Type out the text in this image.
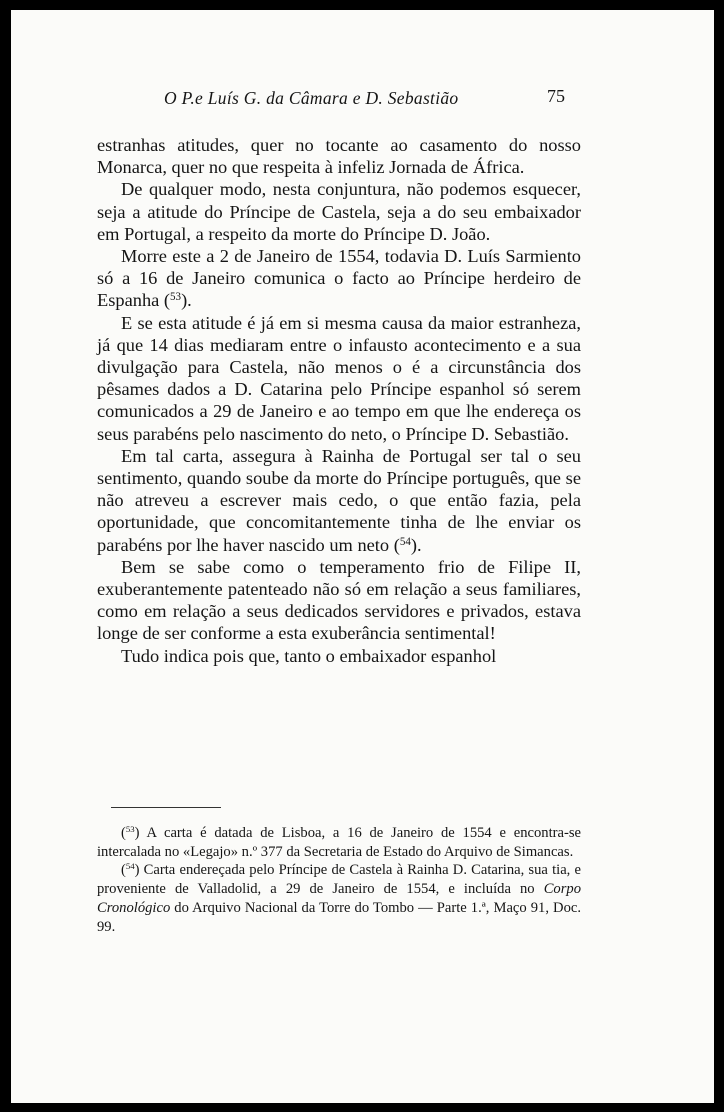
O P.e Luís G. da Câmara e D. Sebastião	75

estranhas atitudes, quer no tocante ao casamento do nosso Monarca, quer no que respeita à infeliz Jornada de África.

De qualquer modo, nesta conjuntura, não podemos esquecer, seja a atitude do Príncipe de Castela, seja a do seu embaixador em Portugal, a respeito da morte do Príncipe D. João.

Morre este a 2 de Janeiro de 1554, todavia D. Luís Sarmiento só a 16 de Janeiro comunica o facto ao Príncipe herdeiro de Espanha ($^{53}$).

E se esta atitude é já em si mesma causa da maior estranheza, já que 14 dias mediaram entre o infausto acontecimento e a sua divulgação para Castela, não menos o é a circunstância dos pêsames dados a D. Catarina pelo Príncipe espanhol só serem comunicados a 29 de Janeiro e ao tempo em que lhe endereça os seus parabéns pelo nascimento do neto, o Príncipe D. Sebastião.

Em tal carta, assegura à Rainha de Portugal ser tal o seu sentimento, quando soube da morte do Príncipe português, que se não atreveu a escrever mais cedo, o que então fazia, pela oportunidade, que concomitantemente tinha de lhe enviar os parabéns por lhe haver nascido um neto ($^{54}$).

Bem se sabe como o temperamento frio de Filipe II, exuberantemente patenteado não só em relação a seus familiares, como em relação a seus dedicados servidores e privados, estava longe de ser conforme a esta exuberância sentimental!

Tudo indica pois que, tanto o embaixador espanhol

($^{53}$) A carta é datada de Lisboa, a 16 de Janeiro de 1554 e encontra-se intercalada no «Legajo» n.º 377 da Secretaria de Estado do Arquivo de Simancas.

($^{54}$) Carta endereçada pelo Príncipe de Castela à Rainha D. Catarina, sua tia, e proveniente de Valladolid, a 29 de Janeiro de 1554, e incluída no Corpo Cronológico do Arquivo Nacional da Torre do Tombo — Parte 1.ª, Maço 91, Doc. 99.
